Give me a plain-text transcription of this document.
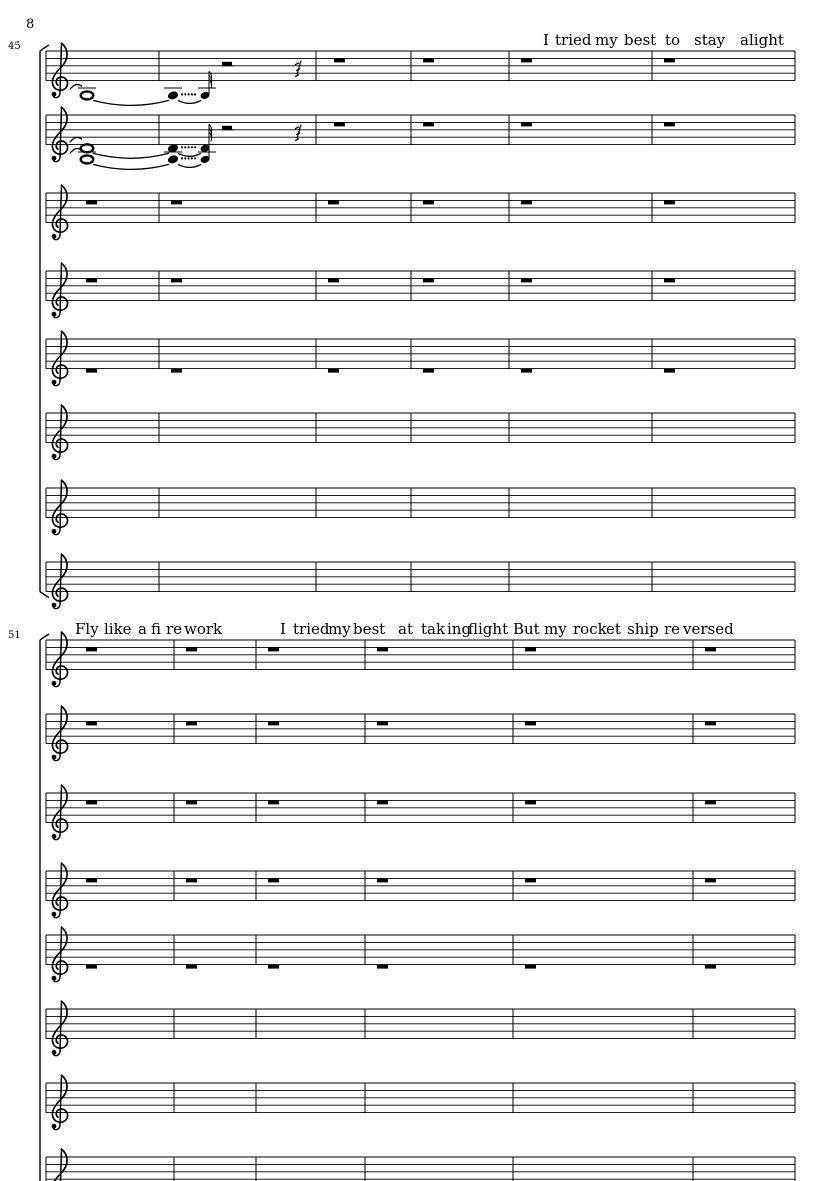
8
45	I tried my best to stay a light
51	Fly like a fi re work	I tried
my best at tak ing
flight But my rock et ship re versed
